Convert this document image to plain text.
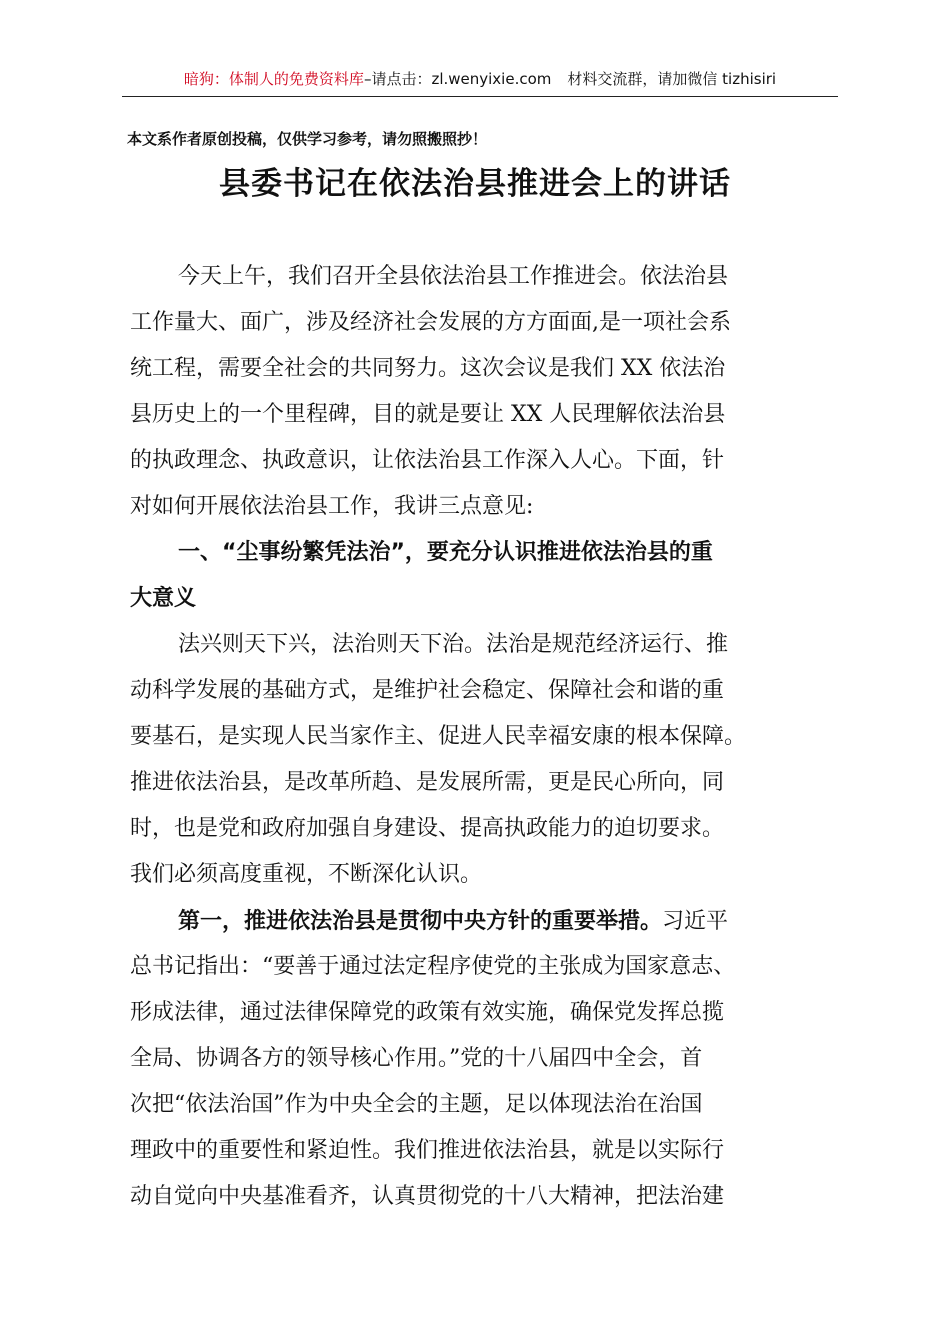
暗狗：体制人的免费资料库–请点击：zl.wenyixie.com 材料交流群，请加微信 tizhisiri
本文系作者原创投稿，仅供学习参考，请勿照搬照抄！
县委书记在依法治县推进会上的讲话
今天上午，我们召开全县依法治县工作推进会。依法治县
工作量大、面广，涉及经济社会发展的方方面面,是一项社会系
统工程，需要全社会的共同努力。这次会议是我们 XX 依法治
县历史上的一个里程碑，目的就是要让 XX 人民理解依法治县
的执政理念、执政意识，让依法治县工作深入人心。下面，针
对如何开展依法治县工作，我讲三点意见:
一、“尘事纷繁凭法治”，要充分认识推进依法治县的重
大意义
法兴则天下兴，法治则天下治。法治是规范经济运行、推
动科学发展的基础方式，是维护社会稳定、保障社会和谐的重
要基石，是实现人民当家作主、促进人民幸福安康的根本保障。
推进依法治县，是改革所趋、是发展所需，更是民心所向，同
时，也是党和政府加强自身建设、提高执政能力的迫切要求。
我们必须高度重视，不断深化认识。
第一，推进依法治县是贯彻中央方针的重要举措。习近平
总书记指出：“要善于通过法定程序使党的主张成为国家意志、
形成法律，通过法律保障党的政策有效实施，确保党发挥总揽
全局、协调各方的领导核心作用。”党的十八届四中全会，首
次把“依法治国”作为中央全会的主题，足以体现法治在治国
理政中的重要性和紧迫性。我们推进依法治县，就是以实际行
动自觉向中央基准看齐，认真贯彻党的十八大精神，把法治建
